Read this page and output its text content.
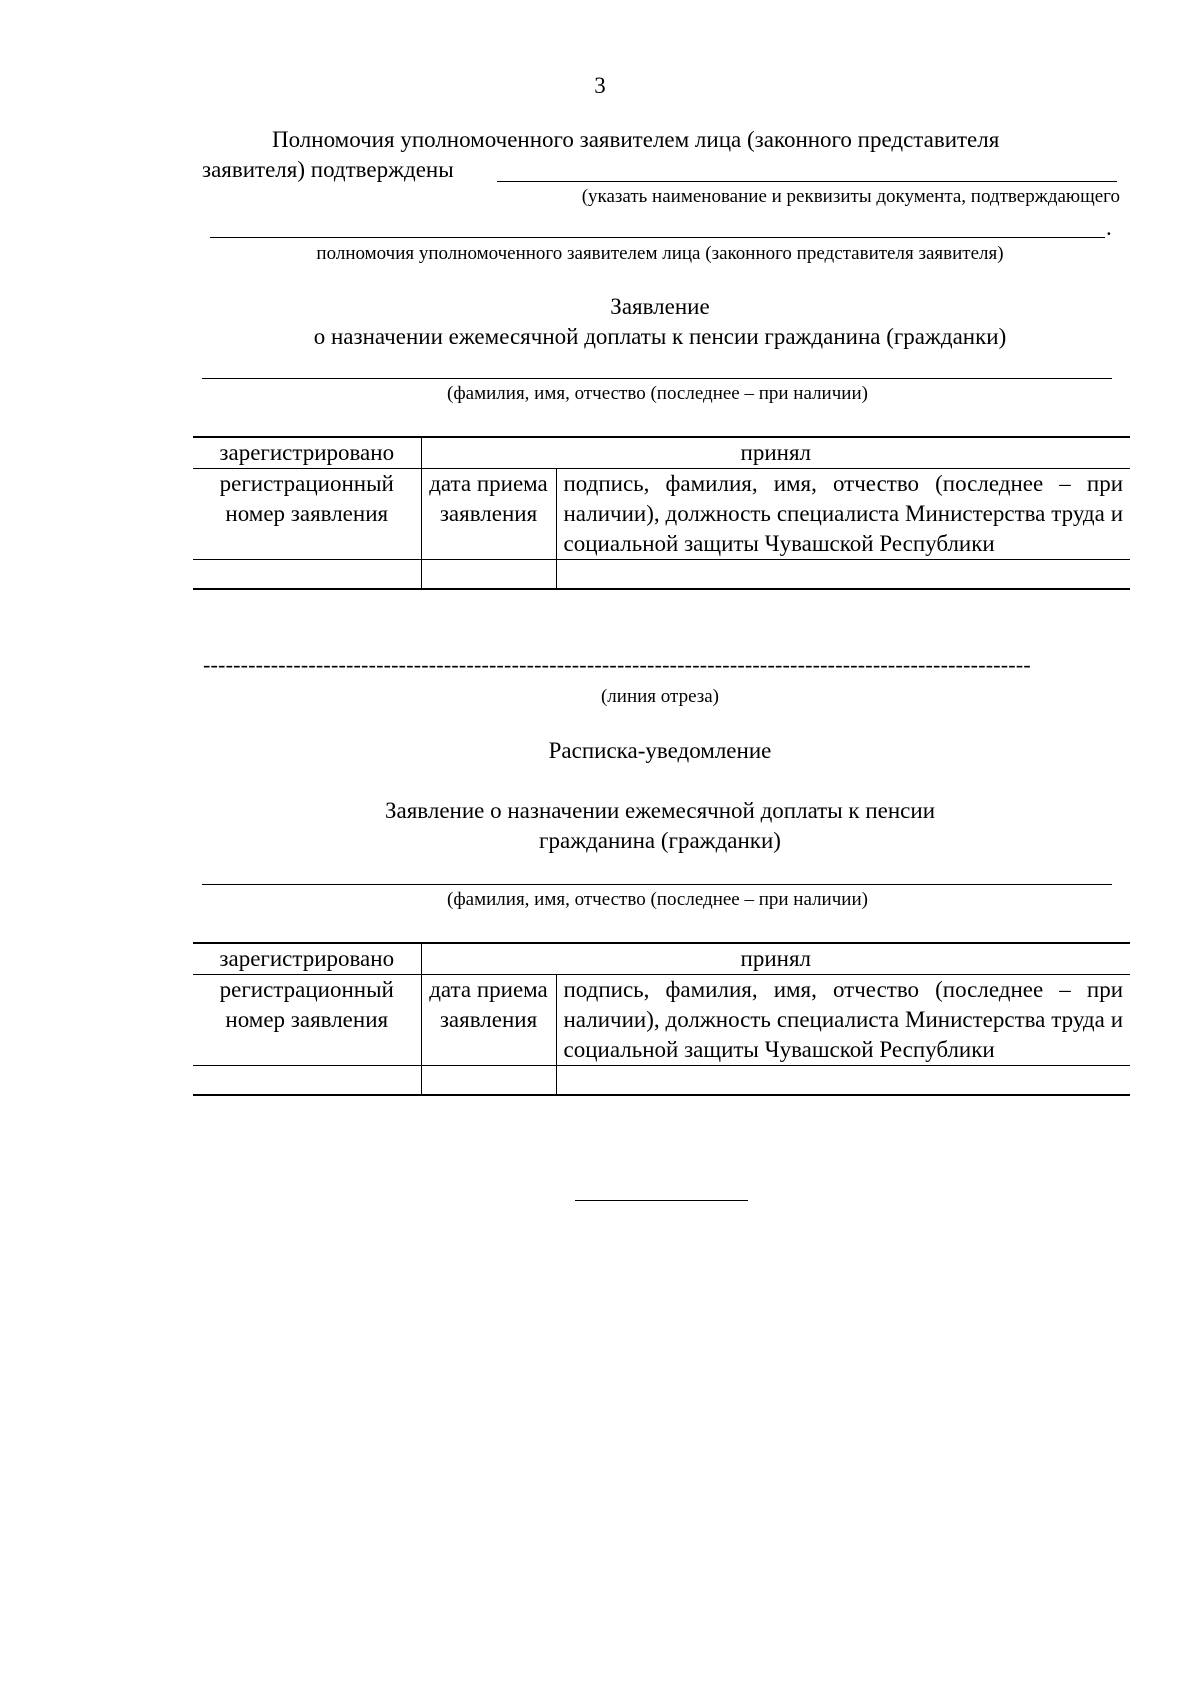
3
Полномочия уполномоченного заявителем лица (законного представителя
заявителя) подтверждены
(указать наименование и реквизиты документа, подтверждающего
.
полномочия уполномоченного заявителем лица (законного представителя заявителя)
Заявление
о назначении ежемесячной доплаты к пенсии гражданина (гражданки)
(фамилия, имя, отчество (последнее – при наличии)
зарегистрировано	принял	
регистрационный номер заявления	дата приема заявления	подпись, фамилия, имя, отчество (последнее – при наличии), должность специалиста Министерства труда и социальной защиты Чувашской Республики

--------------------------------------------------------------------------------------------------------------
(линия отреза)
Расписка-уведомление
Заявление о назначении ежемесячной доплаты к пенсии
гражданина (гражданки)
(фамилия, имя, отчество (последнее – при наличии)
зарегистрировано	принял	
регистрационный номер заявления	дата приема заявления	подпись, фамилия, имя, отчество (последнее – при наличии), должность специалиста Министерства труда и социальной защиты Чувашской Республики
